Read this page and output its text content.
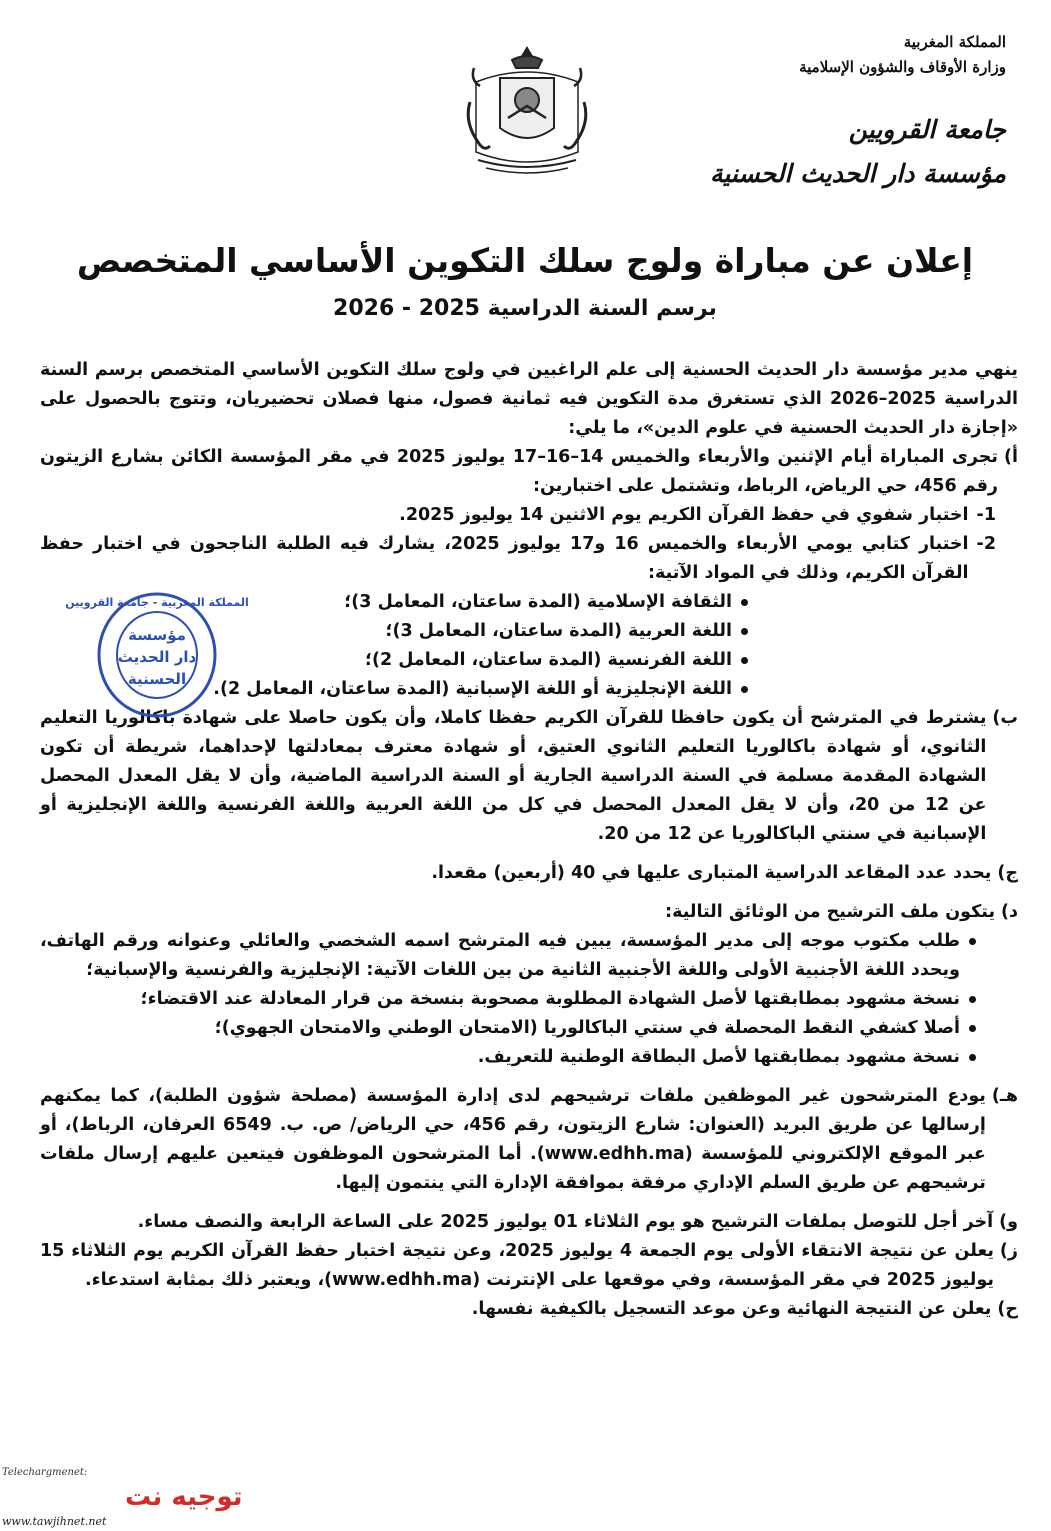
المملكة المغربية
وزارة الأوقاف والشؤون الإسلامية
جامعة القرويين
مؤسسة دار الحديث الحسنية
إعلان عن مباراة ولوج سلك التكوين الأساسي المتخصص
برسم السنة الدراسية 2025 - 2026

ينهي مدير مؤسسة دار الحديث الحسنية إلى علم الراغبين في ولوج سلك التكوين الأساسي المتخصص برسم السنة الدراسية 2025–2026 الذي تستغرق مدة التكوين فيه ثمانية فصول، منها فصلان تحضيريان، وتتوج بالحصول على «إجازة دار الحديث الحسنية في علوم الدين»، ما يلي:

أ)
تجرى المباراة أيام الإثنين والأربعاء والخميس 14–16–17 يوليوز 2025 في مقر المؤسسة الكائن بشارع الزيتون رقم 456، حي الرياض، الرباط، وتشتمل على اختبارين:
1-
اختبار شفوي في حفظ القرآن الكريم يوم الاثنين 14 يوليوز 2025.
2-
اختبار كتابي يومي الأربعاء والخميس 16 و17 يوليوز 2025، يشارك فيه الطلبة الناجحون في اختبار حفظ القرآن الكريم، وذلك في المواد الآتية:
الثقافة الإسلامية (المدة ساعتان، المعامل 3)؛
اللغة العربية (المدة ساعتان، المعامل 3)؛
اللغة الفرنسية (المدة ساعتان، المعامل 2)؛
اللغة الإنجليزية أو اللغة الإسبانية (المدة ساعتان، المعامل 2).
ب)
يشترط في المترشح أن يكون حافظا للقرآن الكريم حفظا كاملا، وأن يكون حاصلا على شهادة باكالوريا التعليم الثانوي، أو شهادة باكالوريا التعليم الثانوي العتيق، أو شهادة معترف بمعادلتها لإحداهما، شريطة أن تكون الشهادة المقدمة مسلمة في السنة الدراسية الجارية أو السنة الدراسية الماضية، وأن لا يقل المعدل المحصل عن 12 من 20، وأن لا يقل المعدل المحصل في كل من اللغة العربية واللغة الفرنسية واللغة الإنجليزية أو الإسبانية في سنتي الباكالوريا عن 12 من 20.
ج)
يحدد عدد المقاعد الدراسية المتبارى عليها في 40 (أربعين) مقعدا.
د)
يتكون ملف الترشيح من الوثائق التالية:
طلب مكتوب موجه إلى مدير المؤسسة، يبين فيه المترشح اسمه الشخصي والعائلي وعنوانه ورقم الهاتف، ويحدد اللغة الأجنبية الأولى واللغة الأجنبية الثانية من بين اللغات الآتية: الإنجليزية والفرنسية والإسبانية؛
نسخة مشهود بمطابقتها لأصل الشهادة المطلوبة مصحوبة بنسخة من قرار المعادلة عند الاقتضاء؛
أصلا كشفي النقط المحصلة في سنتي الباكالوريا (الامتحان الوطني والامتحان الجهوي)؛
نسخة مشهود بمطابقتها لأصل البطاقة الوطنية للتعريف.
هـ)
يودع المترشحون غير الموظفين ملفات ترشيحهم لدى إدارة المؤسسة (مصلحة شؤون الطلبة)، كما يمكنهم إرسالها عن طريق البريد (العنوان: شارع الزيتون، رقم 456، حي الرياض/ ص. ب. 6549 العرفان، الرباط)، أو عبر الموقع الإلكتروني للمؤسسة (www.edhh.ma). أما المترشحون الموظفون فيتعين عليهم إرسال ملفات ترشيحهم عن طريق السلم الإداري مرفقة بموافقة الإدارة التي ينتمون إليها.
و)
آخر أجل للتوصل بملفات الترشيح هو يوم الثلاثاء 01 يوليوز 2025 على الساعة الرابعة والنصف مساء.
ز)
يعلن عن نتيجة الانتقاء الأولى يوم الجمعة 4 يوليوز 2025، وعن نتيجة اختبار حفظ القرآن الكريم يوم الثلاثاء 15 يوليوز 2025 في مقر المؤسسة، وفي موقعها على الإنترنت (www.edhh.ma)، ويعتبر ذلك بمثابة استدعاء.
ح)
يعلن عن النتيجة النهائية وعن موعد التسجيل بالكيفية نفسها.
المملكة المغربية - جامعة القرويين
مؤسسة
دار الحديث
الحسنية
Telechargmenet:
توجيه نت
www.tawjihnet.net
